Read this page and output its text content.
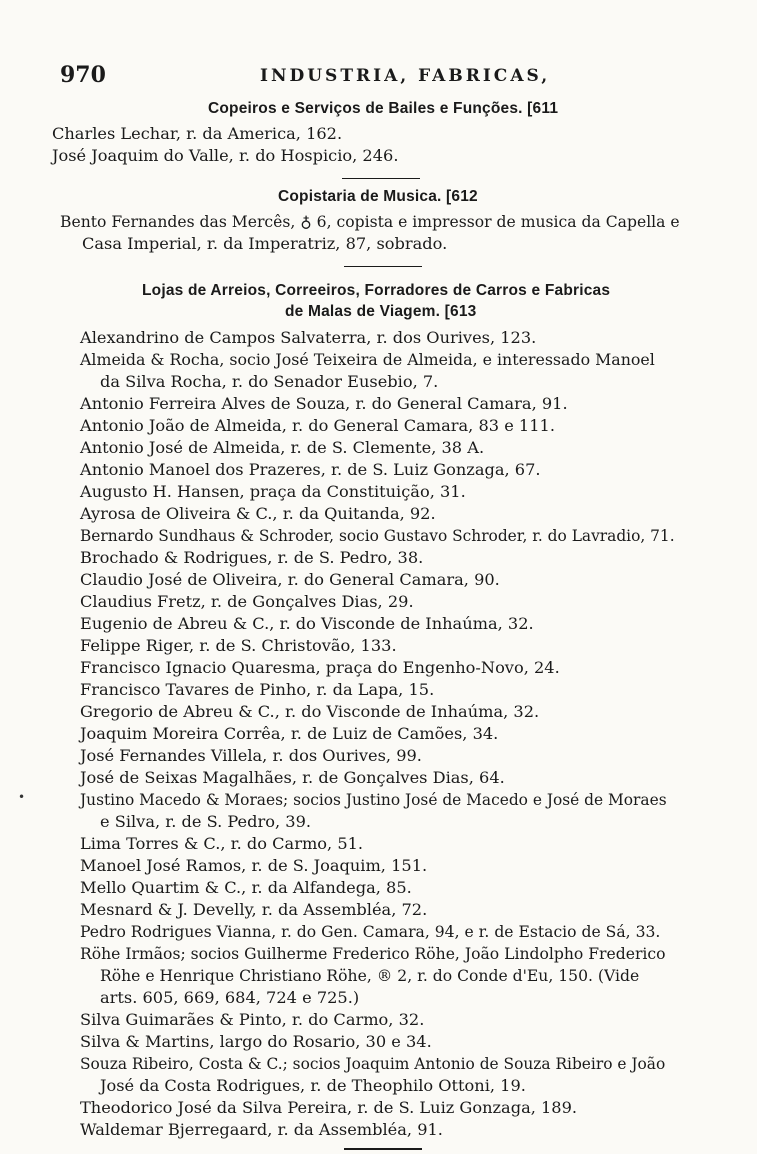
970	INDUSTRIA, FABRICAS,
Copeiros e Serviços de Bailes e Funções. [611
Charles Lechar, r. da America, 162.
José Joaquim do Valle, r. do Hospicio, 246.
Copistaria de Musica. [612
Bento Fernandes das Mercês, ♁ 6, copista e impressor de musica da Capella e
Casa Imperial, r. da Imperatriz, 87, sobrado.
Lojas de Arreios, Correeiros, Forradores de Carros e Fabricas
de Malas de Viagem. [613
Alexandrino de Campos Salvaterra, r. dos Ourives, 123.
Almeida & Rocha, socio José Teixeira de Almeida, e interessado Manoel
da Silva Rocha, r. do Senador Eusebio, 7.
Antonio Ferreira Alves de Souza, r. do General Camara, 91.
Antonio João de Almeida, r. do General Camara, 83 e 111.
Antonio José de Almeida, r. de S. Clemente, 38 A.
Antonio Manoel dos Prazeres, r. de S. Luiz Gonzaga, 67.
Augusto H. Hansen, praça da Constituição, 31.
Ayrosa de Oliveira & C., r. da Quitanda, 92.
Bernardo Sundhaus & Schroder, socio Gustavo Schroder, r. do Lavradio, 71.
Brochado & Rodrigues, r. de S. Pedro, 38.
Claudio José de Oliveira, r. do General Camara, 90.
Claudius Fretz, r. de Gonçalves Dias, 29.
Eugenio de Abreu & C., r. do Visconde de Inhaúma, 32.
Felippe Riger, r. de S. Christovão, 133.
Francisco Ignacio Quaresma, praça do Engenho-Novo, 24.
Francisco Tavares de Pinho, r. da Lapa, 15.
Gregorio de Abreu & C., r. do Visconde de Inhaúma, 32.
Joaquim Moreira Corrêa, r. de Luiz de Camões, 34.
José Fernandes Villela, r. dos Ourives, 99.
José de Seixas Magalhães, r. de Gonçalves Dias, 64.
Justino Macedo & Moraes; socios Justino José de Macedo e José de Moraes
e Silva, r. de S. Pedro, 39.
Lima Torres & C., r. do Carmo, 51.
Manoel José Ramos, r. de S. Joaquim, 151.
Mello Quartim & C., r. da Alfandega, 85.
Mesnard & J. Develly, r. da Assembléa, 72.
Pedro Rodrigues Vianna, r. do Gen. Camara, 94, e r. de Estacio de Sá, 33.
Röhe Irmãos; socios Guilherme Frederico Röhe, João Lindolpho Frederico
Röhe e Henrique Christiano Röhe, ® 2, r. do Conde d'Eu, 150. (Vide
arts. 605, 669, 684, 724 e 725.)
Silva Guimarães & Pinto, r. do Carmo, 32.
Silva & Martins, largo do Rosario, 30 e 34.
Souza Ribeiro, Costa & C.; socios Joaquim Antonio de Souza Ribeiro e João
José da Costa Rodrigues, r. de Theophilo Ottoni, 19.
Theodorico José da Silva Pereira, r. de S. Luiz Gonzaga, 189.
Waldemar Bjerregaard, r. da Assembléa, 91.
•
